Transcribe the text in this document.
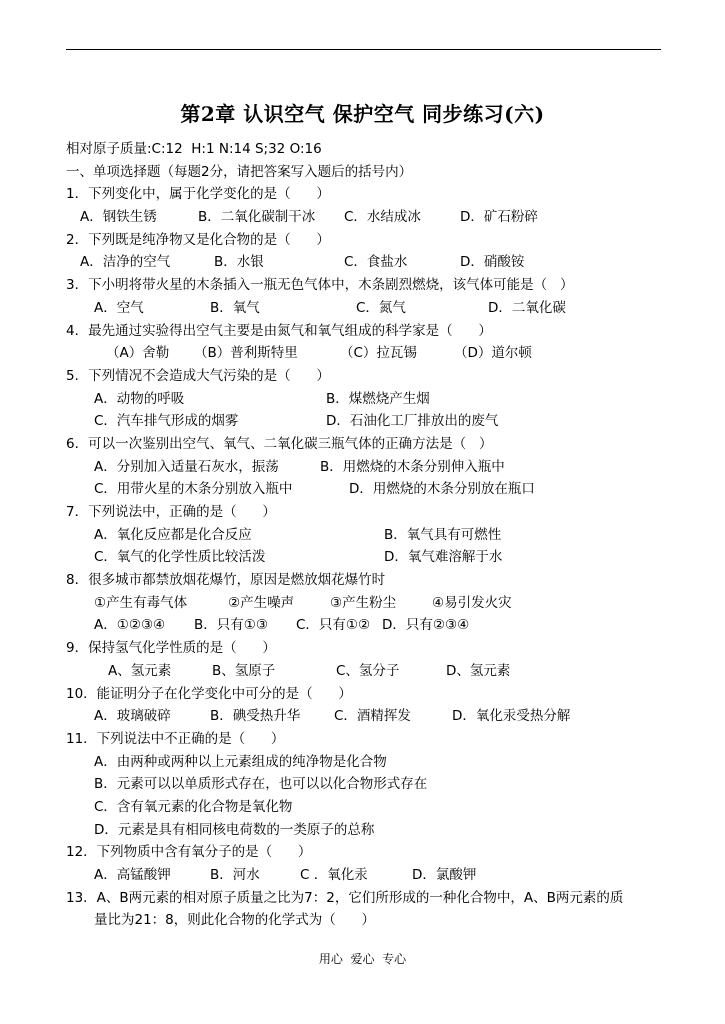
第2章 认识空气 保护空气 同步练习(六)
相对原子质量:C:12  H:1 N:14 S;32 O:16
一、单项选择题（每题2分，请把答案写入题后的括号内）
1．下列变化中，属于化学变化的是（      ）
A．钢铁生锈	B．二氧化碳制干冰	C．水结成冰	D．矿石粉碎
2．下列既是纯净物又是化合物的是（      ）
A．洁净的空气	B．水银	C．食盐水	D．硝酸铵
3．下小明将带火星的木条插入一瓶无色气体中，木条剧烈燃烧，该气体可能是（   ）
A．空气	B．氧气	C．氮气	D．二氧化碳
4．最先通过实验得出空气主要是由氮气和氧气组成的科学家是（      ）
（A）舍勒	（B）普利斯特里	（C）拉瓦锡	（D）道尔顿
5．下列情况不会造成大气污染的是（      ）
A．动物的呼吸	B．煤燃烧产生烟
C．汽车排气形成的烟雾	D．石油化工厂排放出的废气
6．可以一次鉴别出空气、氧气、二氧化碳三瓶气体的正确方法是（   ）
A．分别加入适量石灰水，振荡	B．用燃烧的木条分别伸入瓶中
C．用带火星的木条分别放入瓶中	D．用燃烧的木条分别放在瓶口
7．下列说法中，正确的是（      ）
A．氧化反应都是化合反应	B．氧气具有可燃性
C．氧气的化学性质比较活泼	D．氧气难溶解于水
8．很多城市都禁放烟花爆竹，原因是燃放烟花爆竹时
①产生有毒气体	②产生噪声	③产生粉尘	④易引发火灾
A．①②③④	B．只有①③	C．只有①② D．只有②③④
9．保持氢气化学性质的是（      ）
A、氢元素	B、氢原子	C、氢分子	D、氢元素
10．能证明分子在化学变化中可分的是（      ）
A．玻璃破碎	B．碘受热升华	C．酒精挥发	D．氧化汞受热分解
11．下列说法中不正确的是（      ）
A．由两种或两种以上元素组成的纯净物是化合物
B．元素可以以单质形式存在，也可以以化合物形式存在
C．含有氧元素的化合物是氧化物
D．元素是具有相同核电荷数的一类原子的总称
12．下列物质中含有氧分子的是（      ）
A．高锰酸钾	B．河水	C ．氧化汞	D．氯酸钾
13．A、B两元素的相对原子质量之比为7：2，它们所形成的一种化合物中，A、B两元素的质
量比为21：8，则此化合物的化学式为（      ）
用心  爱心  专心
